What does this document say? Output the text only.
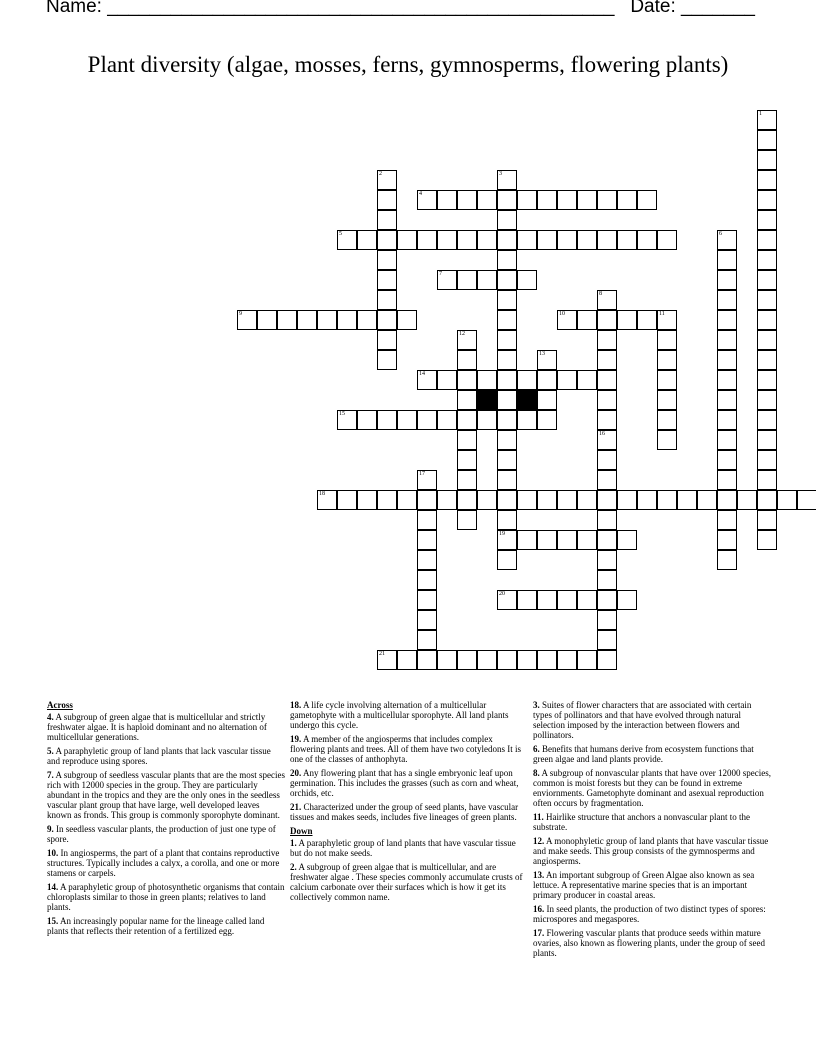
Name: ________________________________________________ Date: _______
Plant diversity (algae, mosses, ferns, gymnosperms, flowering plants)
1
2	3
19
4
5	6
7
8
16
9	10	11
12
13
14
15
17
18
20
21
Across
4. A subgroup of green algae that is multicellular and strictly freshwater algae. It is haploid dominant and no alternation of multicellular generations.
5. A paraphyletic group of land plants that lack vascular tissue and reproduce using spores.
7. A subgroup of seedless vascular plants that are the most species rich with 12000 species in the group. They are particularly abundant in the tropics and they are the only ones in the seedless vascular plant group that have large, well developed leaves known as fronds. This group is commonly sporophyte dominant.
9. In seedless vascular plants, the production of just one type of spore.
10. In angiosperms, the part of a plant that contains reproductive structures. Typically includes a calyx, a corolla, and one or more stamens or carpels.
14. A paraphyletic group of photosynthetic organisms that contain chloroplasts similar to those in green plants; relatives to land plants.
15. An increasingly popular name for the lineage called land plants that reflects their retention of a fertilized egg.
18. A life cycle involving alternation of a multicellular gametophyte with a multicellular sporophyte. All land plants undergo this cycle.
19. A member of the angiosperms that includes complex flowering plants and trees. All of them have two cotyledons It is one of the classes of anthophyta.
20. Any flowering plant that has a single embryonic leaf upon germination. This includes the grasses (such as corn and wheat, orchids, etc.
21. Characterized under the group of seed plants, have vascular tissues and makes seeds, includes five lineages of green plants.
Down
1. A paraphyletic group of land plants that have vascular tissue but do not make seeds.
2. A subgroup of green algae that is multicellular, and are freshwater algae . These species commonly accumulate crusts of calcium carbonate over their surfaces which is how it get its collectively common name.
3. Suites of flower characters that are associated with certain types of pollinators and that have evolved through natural selection imposed by the interaction between flowers and pollinators.
6. Benefits that humans derive from ecosystem functions that green algae and land plants provide.
8. A subgroup of nonvascular plants that have over 12000 species, common is moist forests but they can be found in extreme enviornments. Gametophyte dominant and asexual reproduction often occurs by fragmentation.
11. Hairlike structure that anchors a nonvascular plant to the substrate.
12. A monophyletic group of land plants that have vascular tissue and make seeds. This group consists of the gymnosperms and angiosperms.
13. An important subgroup of Green Algae also known as sea lettuce. A representative marine species that is an important primary producer in coastal areas.
16. In seed plants, the production of two distinct types of spores: microspores and megaspores.
17. Flowering vascular plants that produce seeds within mature ovaries, also known as flowering plants, under the group of seed plants.
